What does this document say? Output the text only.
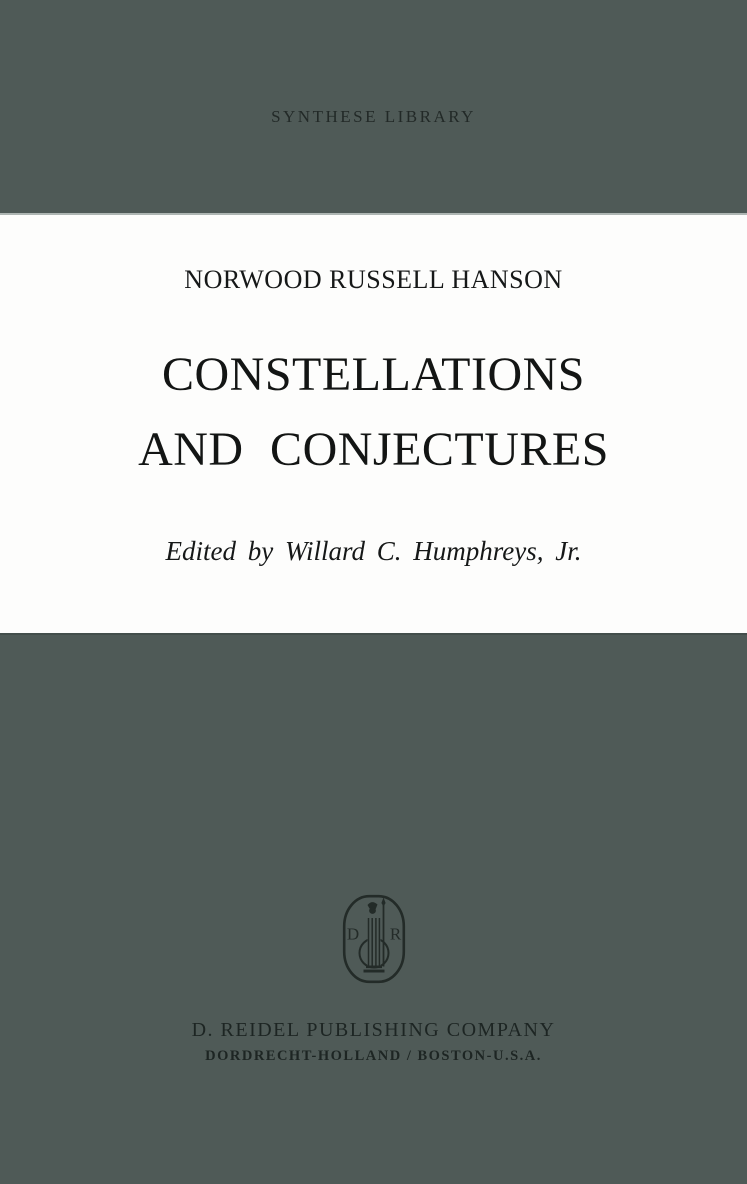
SYNTHESE LIBRARY
NORWOOD RUSSELL HANSON
CONSTELLATIONS
AND CONJECTURES
Edited by Willard C. Humphreys, Jr.
D R
D. REIDEL PUBLISHING COMPANY
DORDRECHT-HOLLAND / BOSTON-U.S.A.
